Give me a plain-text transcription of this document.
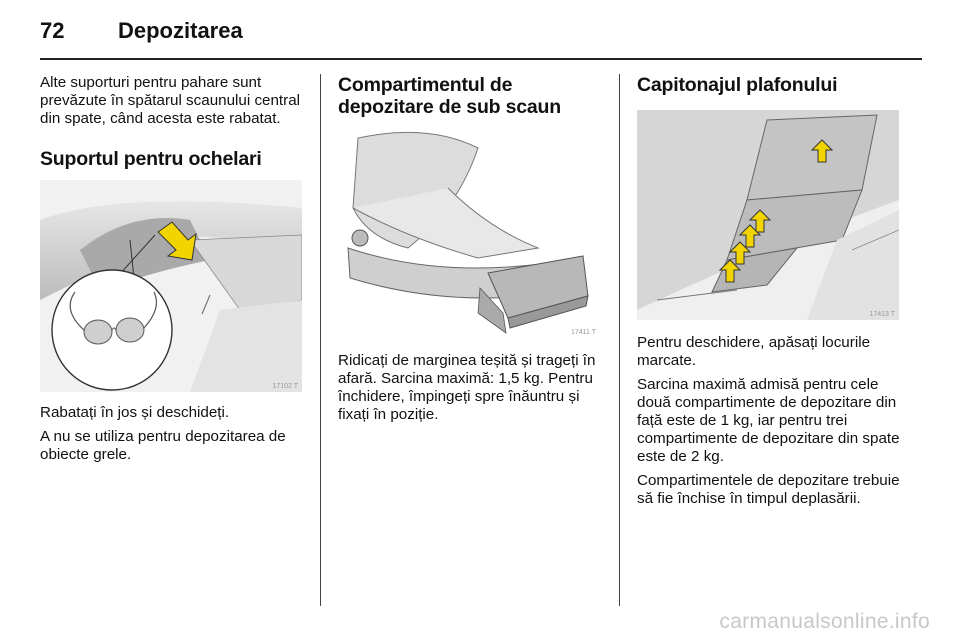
72 Depozitarea

Alte suporturi pentru pahare sunt prevăzute în spătarul scaunului central din spate, când acesta este rabatat.

Suportul pentru ochelari

17102 T

Rabatați în jos și deschideți.

A nu se utiliza pentru depozitarea de obiecte grele.

Compartimentul de depozitare de sub scaun

17411 T

Ridicați de marginea teșită și trageți în afară. Sarcina maximă: 1,5 kg. Pentru închidere, împingeți spre înăuntru și fixați în poziție.

Capitonajul plafonului

17413 T

Pentru deschidere, apăsați locurile marcate.

Sarcina maximă admisă pentru cele două compartimente de depozitare din față este de 1 kg, iar pentru trei compartimente de depozitare din spate este de 2 kg.

Compartimentele de depozitare trebuie să fie închise în timpul deplasării.

carmanualsonline.info
